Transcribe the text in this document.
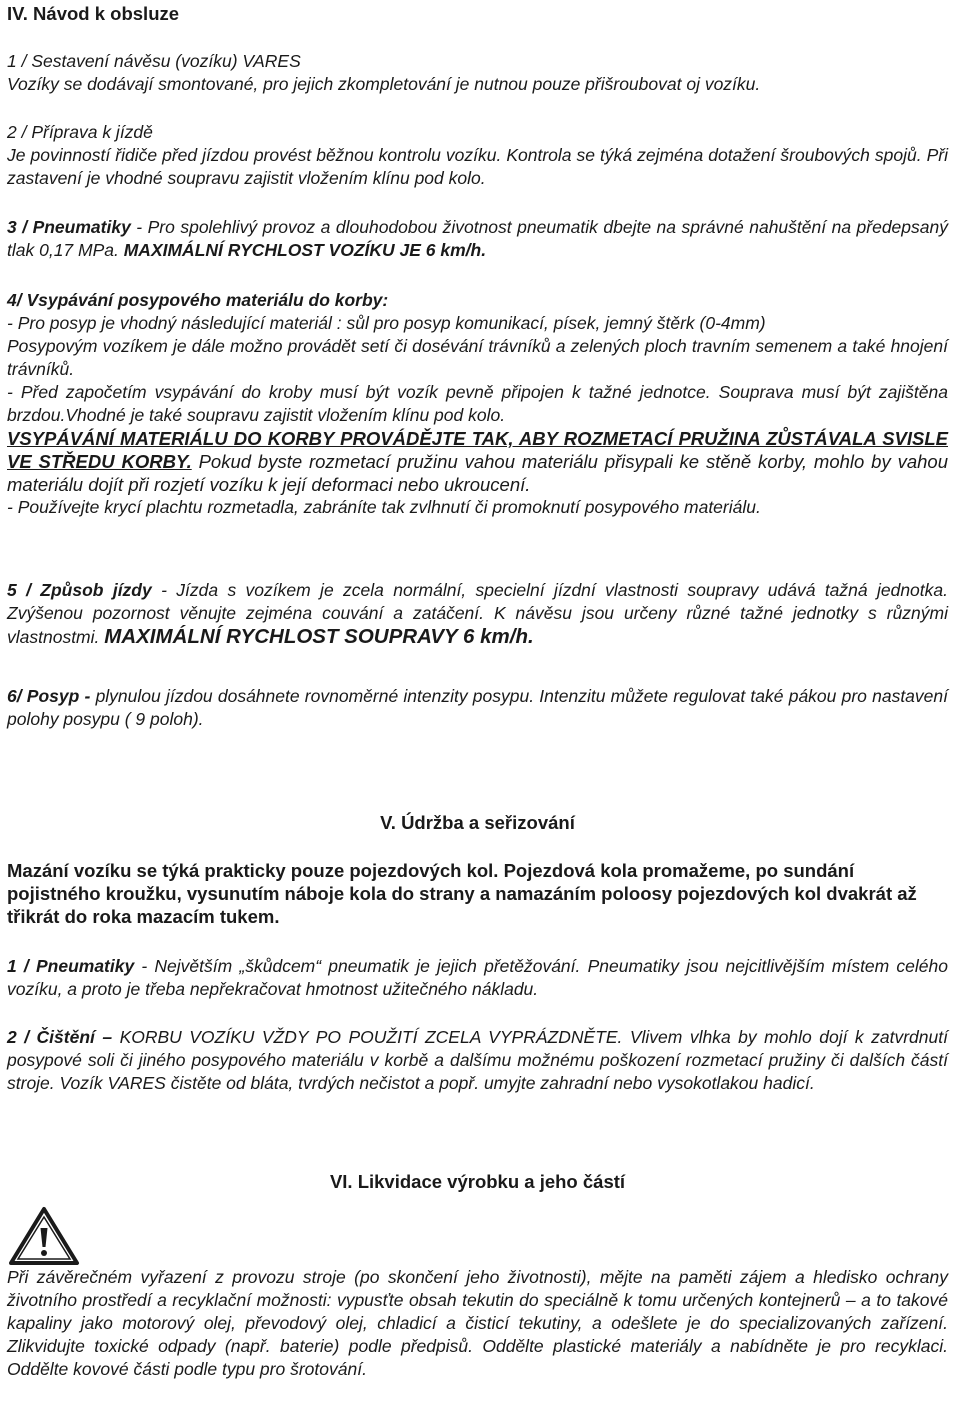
IV. Návod k obsluze

1 / Sestavení návěsu (vozíku) VARES

Vozíky se dodávají smontované, pro jejich zkompletování je nutnou pouze přišroubovat oj vozíku.

2 / Příprava k jízdě

Je povinností řidiče před jízdou provést běžnou kontrolu vozíku. Kontrola se týká zejména dotažení šroubových spojů. Při zastavení je vhodné soupravu zajistit vložením klínu pod kolo.

3 / Pneumatiky - Pro spolehlivý provoz a dlouhodobou životnost pneumatik dbejte na správné nahuštění na předepsaný tlak 0,17 MPa. MAXIMÁLNÍ RYCHLOST VOZÍKU JE 6 km/h.

4/ Vsypávání posypového materiálu do korby:

- Pro posyp je vhodný následující materiál : sůl pro posyp komunikací, písek, jemný štěrk (0-4mm)

Posypovým vozíkem je dále možno provádět setí či dosévání trávníků a zelených ploch travním semenem a také hnojení trávníků.

- Před započetím vsypávání do kroby musí být vozík pevně připojen k tažné jednotce. Souprava musí být zajištěna brzdou.Vhodné je také soupravu zajistit vložením klínu pod kolo.

VSYPÁVÁNÍ MATERIÁLU DO KORBY PROVÁDĚJTE TAK, ABY ROZMETACÍ PRUŽINA ZŮSTÁVALA SVISLE VE STŘEDU KORBY. Pokud byste rozmetací pružinu vahou materiálu přisypali ke stěně korby, mohlo by vahou materiálu dojít při rozjetí vozíku k její deformaci nebo ukroucení.

- Používejte krycí plachtu rozmetadla, zabráníte tak zvlhnutí či promoknutí posypového materiálu.

5 / Způsob jízdy - Jízda s vozíkem je zcela normální, specielní jízdní vlastnosti soupravy udává tažná jednotka. Zvýšenou pozornost věnujte zejména couvání a zatáčení. K návěsu jsou určeny různé tažné jednotky s různými vlastnostmi. MAXIMÁLNÍ RYCHLOST SOUPRAVY 6 km/h.

6/ Posyp - plynulou jízdou dosáhnete rovnoměrné intenzity posypu. Intenzitu můžete regulovat také pákou pro nastavení polohy posypu ( 9 poloh).

V. Údržba a seřizování

Mazání vozíku se týká prakticky pouze pojezdových kol. Pojezdová kola promažeme, po sundání pojistného kroužku, vysunutím náboje kola do strany a namazáním poloosy pojezdových kol dvakrát až třikrát do roka mazacím tukem.

1 / Pneumatiky - Největším „škůdcem“ pneumatik je jejich přetěžování. Pneumatiky jsou nejcitlivějším místem celého vozíku, a proto je třeba nepřekračovat hmotnost užitečného nákladu.

2 / Čištění – KORBU VOZÍKU VŽDY PO POUŽITÍ ZCELA VYPRÁZDNĚTE. Vlivem vlhka by mohlo dojí k zatvrdnutí posypové soli či jiného posypového materiálu v korbě a dalšímu možnému poškození rozmetací pružiny či dalších částí stroje. Vozík VARES čistěte od bláta, tvrdých nečistot a popř. umyjte zahradní nebo vysokotlakou hadicí.

VI. Likvidace výrobku a jeho částí

Při závěrečném vyřazení z provozu stroje (po skončení jeho životnosti), mějte na paměti zájem a hledisko ochrany životního prostředí a recyklační možnosti: vypusťte obsah tekutin do speciálně k tomu určených kontejnerů – a to takové kapaliny jako motorový olej, převodový olej, chladicí a čisticí tekutiny, a odešlete je do specializovaných zařízení. Zlikvidujte toxické odpady (např. baterie) podle předpisů. Oddělte plastické materiály a nabídněte je pro recyklaci. Oddělte kovové části podle typu pro šrotování.
